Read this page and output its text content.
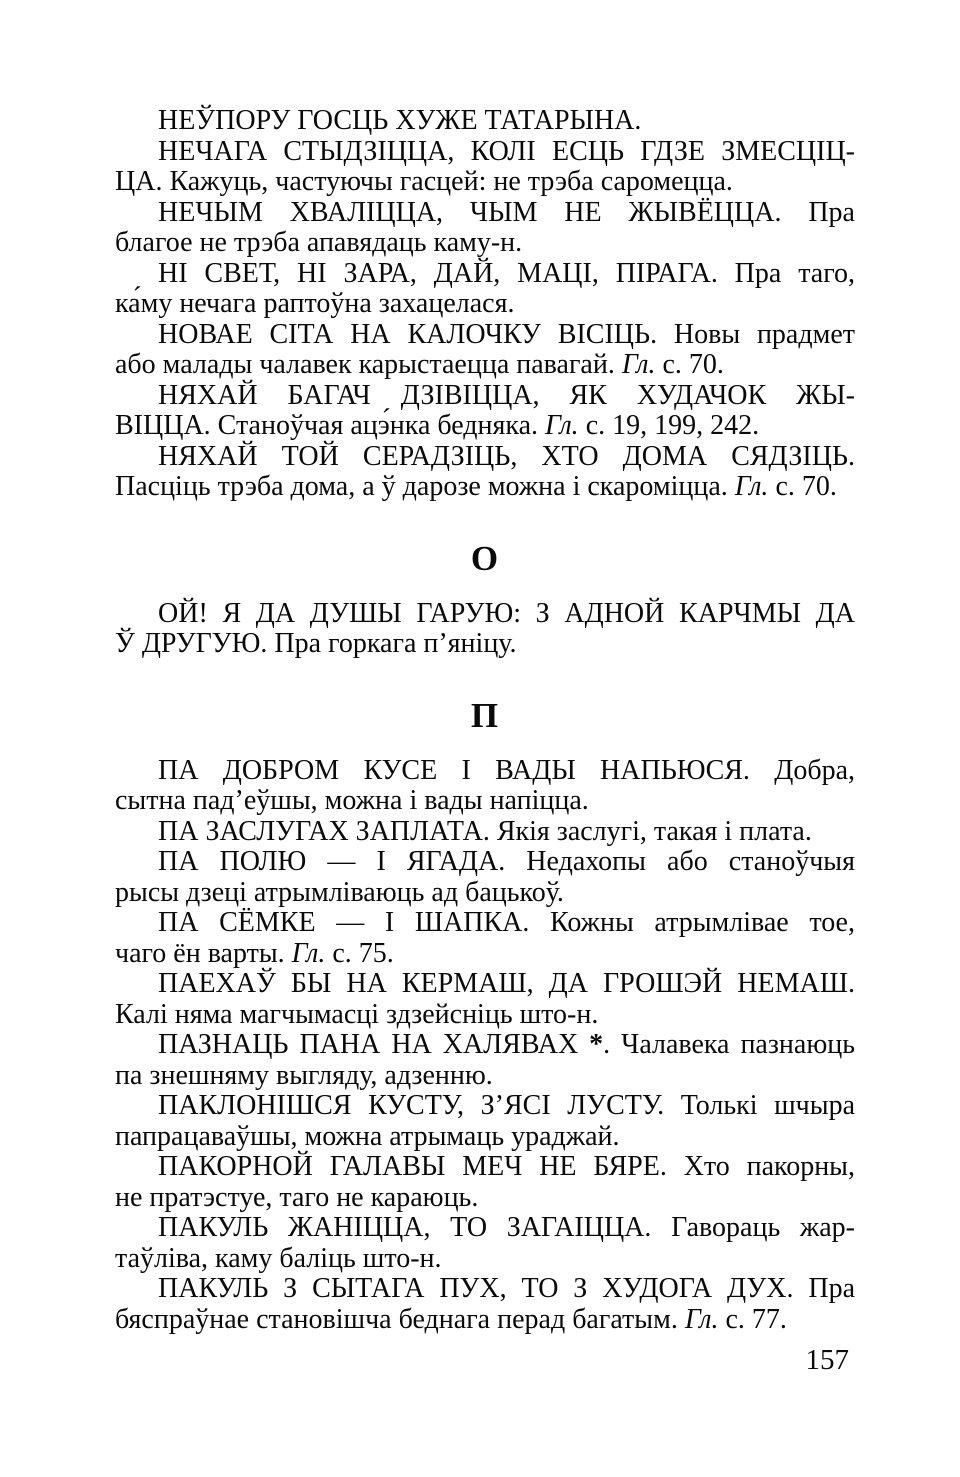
НЕЎПОРУ ГОСЦЬ ХУЖЕ ТАТАРЫНА.
НЕЧАГА СТЫДЗІЦЦА, КОЛІ ЕСЦЬ ГДЗЕ ЗМЕСЦІЦ-
ЦА. Кажуць, частуючы гасцей: не трэба саромецца.
НЕЧЫМ ХВАЛІЦЦА, ЧЫМ НЕ ЖЫВЁЦЦА. Пра
благое не трэба апавядаць каму-н.
НІ СВЕТ, НІ ЗАРА, ДАЙ, МАЦІ, ПІРАГА. Пра таго,
ка́му нечага раптоўна захацелася.
НОВАЕ СІТА НА КАЛОЧКУ ВІСІЦЬ. Новы прадмет
або малады чалавек карыстаецца павагай. Гл. с. 70.
НЯХАЙ БАГАЧ ДЗІВІЦЦА, ЯК ХУДАЧОК ЖЫ-
ВІЦЦА. Станоўчая ацэ́нка бедняка. Гл. с. 19, 199, 242.
НЯХАЙ ТОЙ СЕРАДЗІЦЬ, ХТО ДОМА СЯДЗІЦЬ.
Пасціць трэба дома, а ў дарозе можна і скароміцца. Гл. с. 70.
О
ОЙ! Я ДА ДУШЫ ГАРУЮ: З АДНОЙ КАРЧМЫ ДА
Ў ДРУГУЮ. Пра горкага п’яніцу.
П
ПА ДОБРОМ КУСЕ І ВАДЫ НАПЬЮСЯ. Добра,
сытна пад’еўшы, можна і вады напіцца.
ПА ЗАСЛУГАХ ЗАПЛАТА. Якія заслугі, такая і плата.
ПА ПОЛЮ — І ЯГАДА. Недахопы або станоўчыя
рысы дзеці атрымліваюць ад бацькоў.
ПА СЁМКЕ — І ШАПКА. Кожны атрымлівае тое,
чаго ён варты. Гл. с. 75.
ПАЕХАЎ БЫ НА КЕРМАШ, ДА ГРОШЭЙ НЕМАШ.
Калі няма магчымасці здзейсніць што-н.
ПАЗНАЦЬ ПАНА НА ХАЛЯВАХ *. Чалавека пазнаюць
па знешняму выгляду, адзенню.
ПАКЛОНІШСЯ КУСТУ, З’ЯСІ ЛУСТУ. Толькі шчыра
папрацаваўшы, можна атрымаць ураджай.
ПАКОРНОЙ ГАЛАВЫ МЕЧ НЕ БЯРЕ. Хто пакорны,
не пратэстуе, таго не караюць.
ПАКУЛЬ ЖАНІЦЦА, ТО ЗАГАІЦЦА. Гавораць жар-
таўліва, каму баліць што-н.
ПАКУЛЬ З СЫТАГА ПУХ, ТО З ХУДОГА ДУХ. Пра
бяспраўнае становішча беднага перад багатым. Гл. с. 77.
157
